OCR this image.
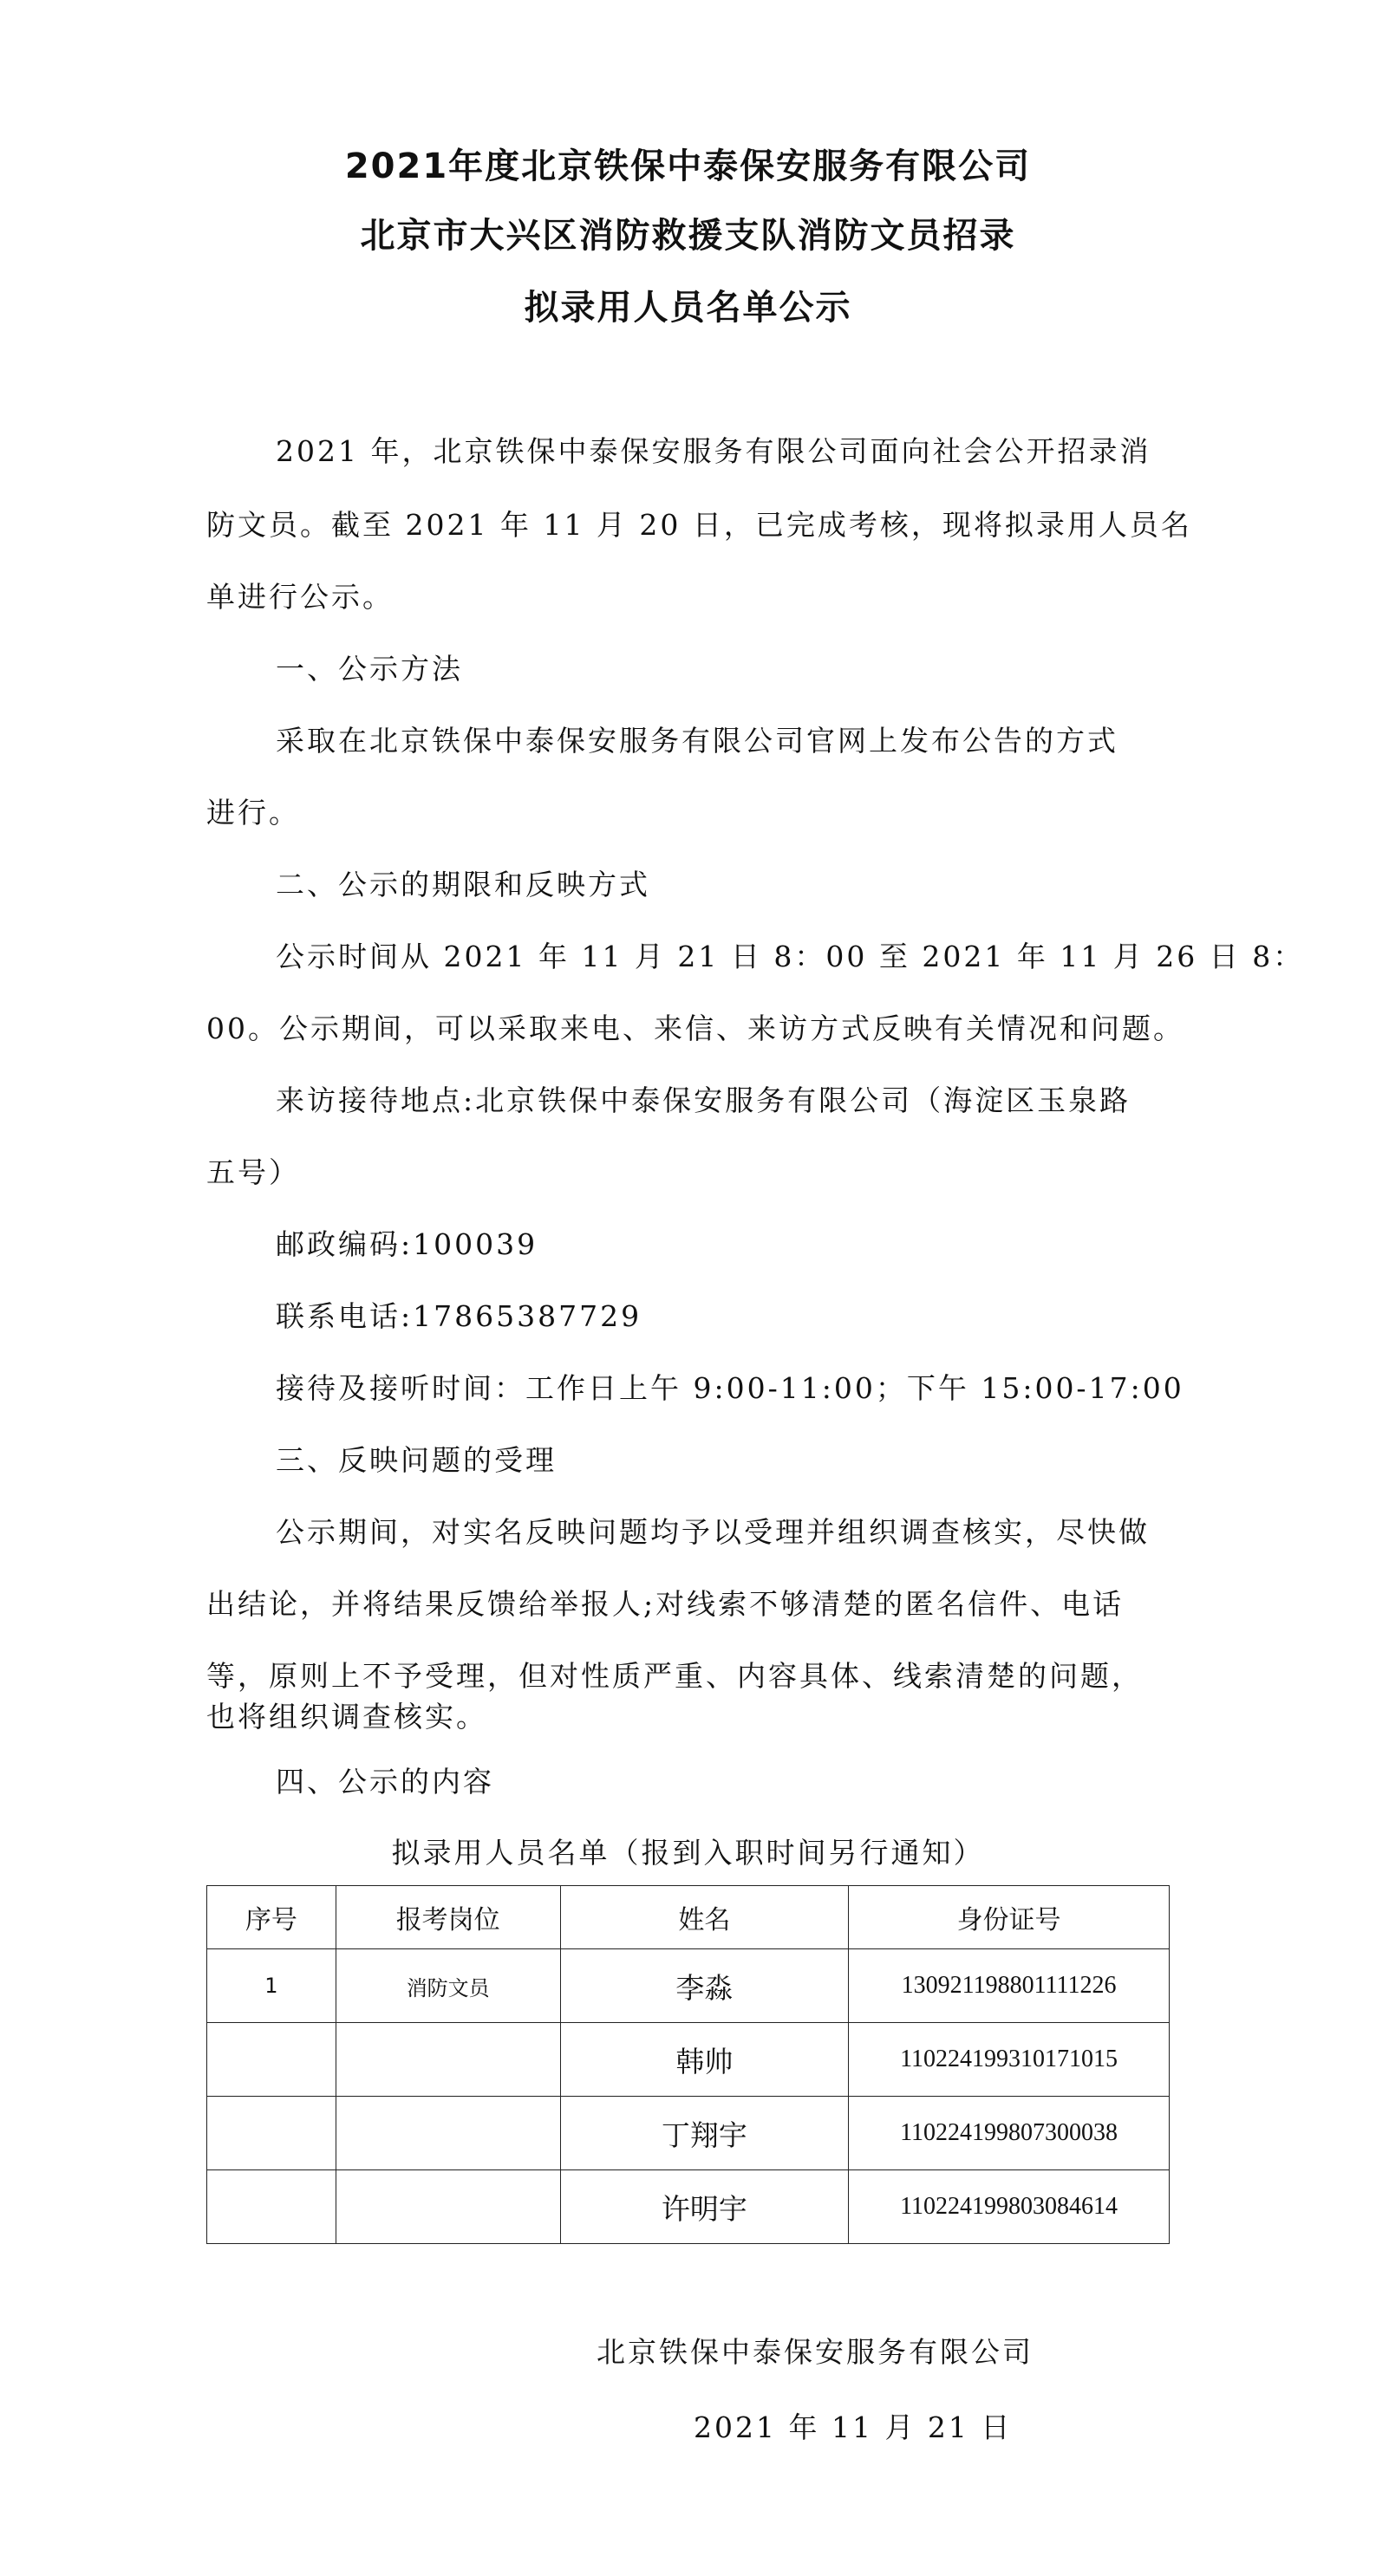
2021年度北京铁保中泰保安服务有限公司
北京市大兴区消防救援支队消防文员招录
拟录用人员名单公示
2021 年，北京铁保中泰保安服务有限公司面向社会公开招录消
防文员。截至 2021 年 11 月 20 日，已完成考核，现将拟录用人员名
单进行公示。
一、公示方法
采取在北京铁保中泰保安服务有限公司官网上发布公告的方式
进行。
二、公示的期限和反映方式
公示时间从 2021 年 11 月 21 日 8：00 至 2021 年 11 月 26 日 8：
00。公示期间，可以采取来电、来信、来访方式反映有关情况和问题。
来访接待地点:北京铁保中泰保安服务有限公司（海淀区玉泉路
五号）
邮政编码:100039
联系电话:17865387729
接待及接听时间：工作日上午 9:00-11:00；下午 15:00-17:00
三、反映问题的受理
公示期间，对实名反映问题均予以受理并组织调查核实，尽快做
出结论，并将结果反馈给举报人;对线索不够清楚的匿名信件、电话
等，原则上不予受理，但对性质严重、内容具体、线索清楚的问题，
也将组织调查核实。
四、公示的内容
拟录用人员名单（报到入职时间另行通知）
序号	报考岗位	姓名	身份证号
1	消防文员	李淼	130921198801111226
		韩帅	110224199310171015
		丁翔宇	110224199807300038
		许明宇	110224199803084614
北京铁保中泰保安服务有限公司
2021 年 11 月 21 日
